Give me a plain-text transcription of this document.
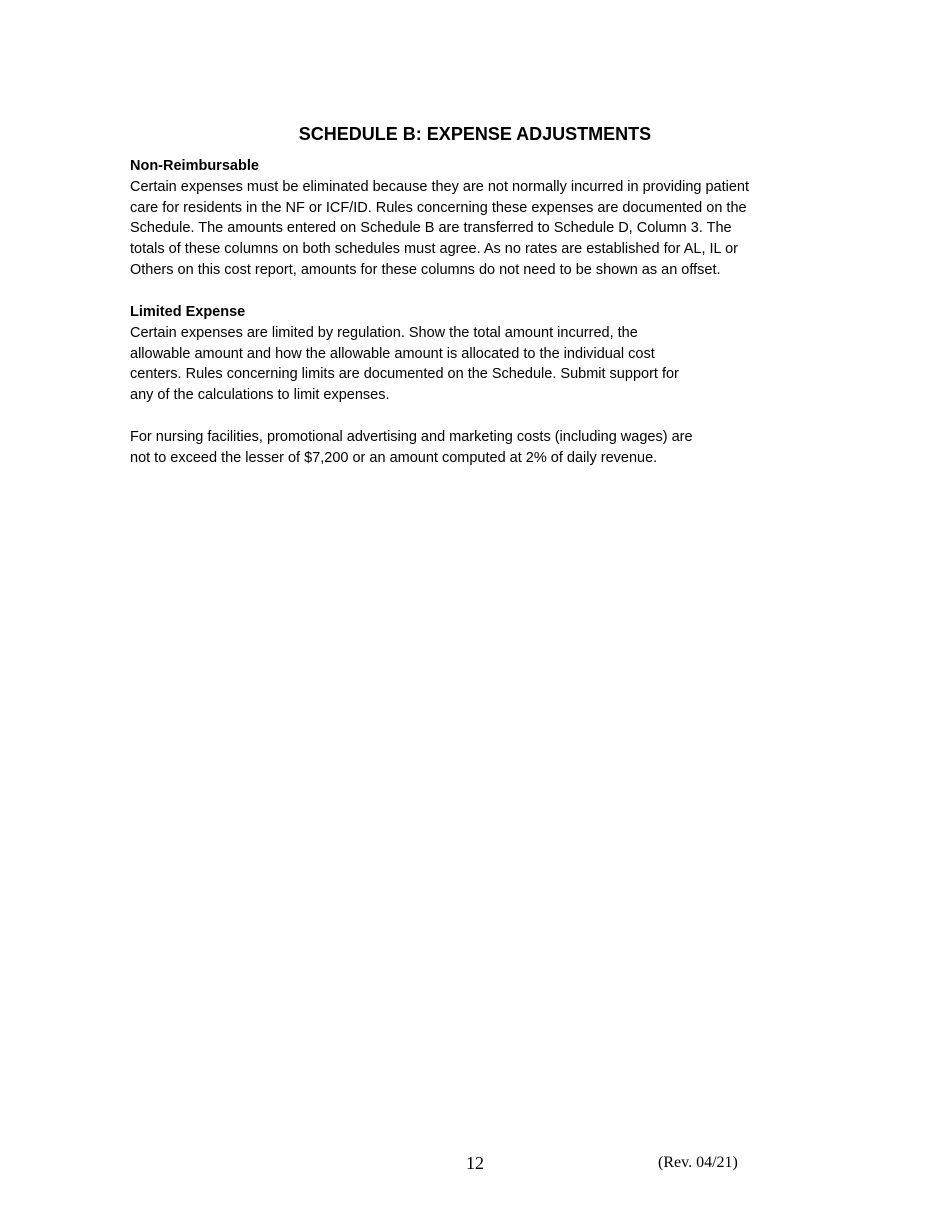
SCHEDULE B: EXPENSE ADJUSTMENTS

Non-Reimbursable

Certain expenses must be eliminated because they are not normally incurred in providing patient
care for residents in the NF or ICF/ID. Rules concerning these expenses are documented on the
Schedule. The amounts entered on Schedule B are transferred to Schedule D, Column 3. The
totals of these columns on both schedules must agree. As no rates are established for AL, IL or
Others on this cost report, amounts for these columns do not need to be shown as an offset.

Limited Expense

Certain expenses are limited by regulation. Show the total amount incurred, the
allowable amount and how the allowable amount is allocated to the individual cost
centers. Rules concerning limits are documented on the Schedule. Submit support for
any of the calculations to limit expenses.
For nursing facilities, promotional advertising and marketing costs (including wages) are
not to exceed the lesser of $7,200 or an amount computed at 2% of daily revenue.
12	(Rev. 04/21)
